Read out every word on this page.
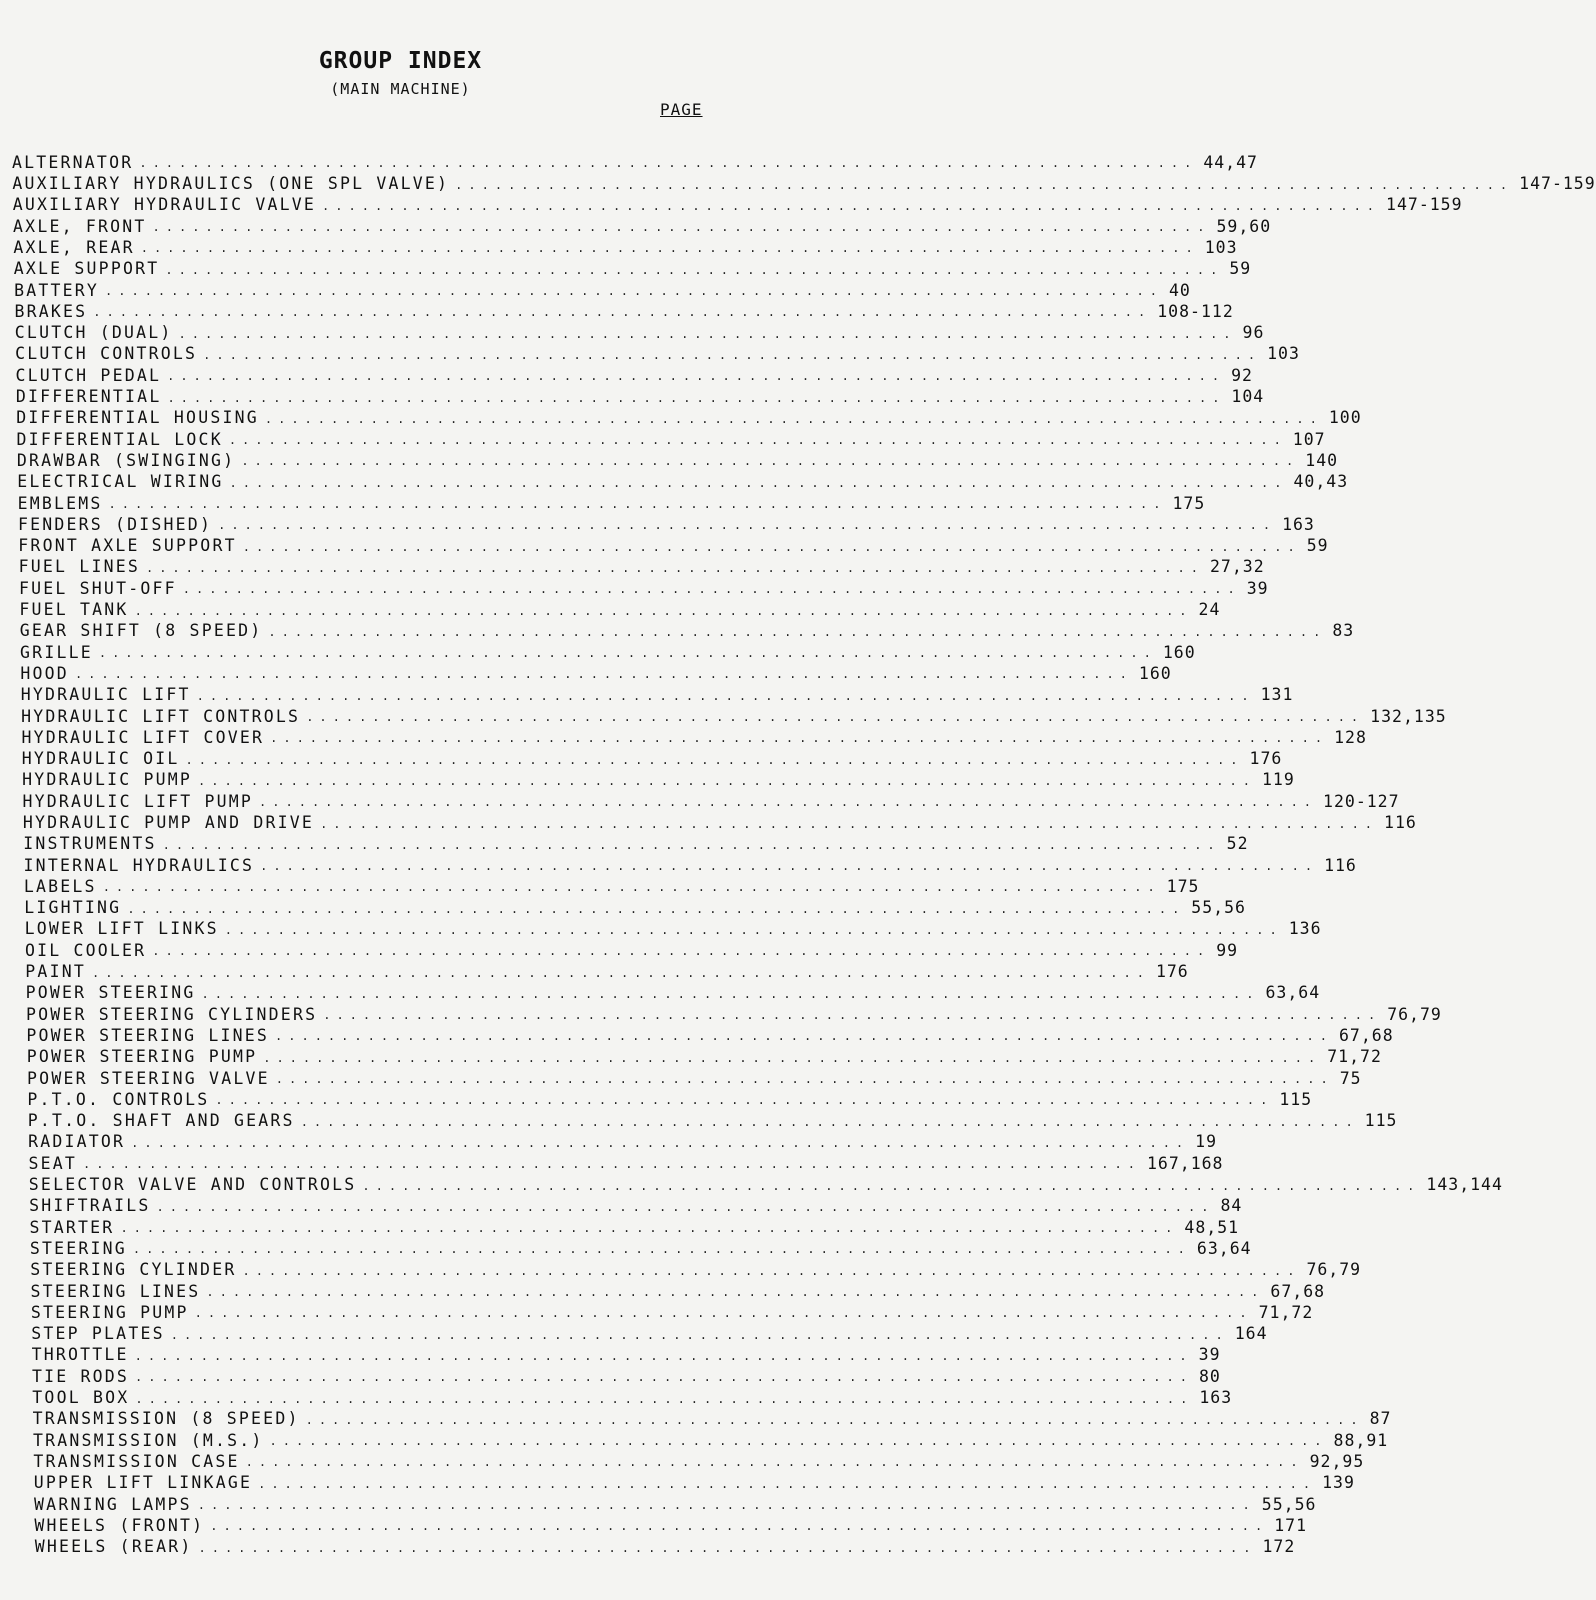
GROUP INDEX
(MAIN MACHINE)
PAGE
ALTERNATOR ................................................................................ 44,47
AUXILIARY HYDRAULICS (ONE SPL VALVE) ................................................................................ 147-159
AUXILIARY HYDRAULIC VALVE ................................................................................ 147-159
AXLE, FRONT ................................................................................ 59,60
AXLE, REAR ................................................................................ 103
AXLE SUPPORT ................................................................................ 59
BATTERY ................................................................................ 40
BRAKES ................................................................................ 108-112
CLUTCH (DUAL) ................................................................................ 96
CLUTCH CONTROLS ................................................................................ 103
CLUTCH PEDAL ................................................................................ 92
DIFFERENTIAL ................................................................................ 104
DIFFERENTIAL HOUSING ................................................................................ 100
DIFFERENTIAL LOCK ................................................................................ 107
DRAWBAR (SWINGING) ................................................................................ 140
ELECTRICAL WIRING ................................................................................ 40,43
EMBLEMS ................................................................................ 175
FENDERS (DISHED) ................................................................................ 163
FRONT AXLE SUPPORT ................................................................................ 59
FUEL LINES ................................................................................ 27,32
FUEL SHUT-OFF ................................................................................ 39
FUEL TANK ................................................................................ 24
GEAR SHIFT (8 SPEED) ................................................................................ 83
GRILLE ................................................................................ 160
HOOD ................................................................................ 160
HYDRAULIC LIFT ................................................................................ 131
HYDRAULIC LIFT CONTROLS ................................................................................ 132,135
HYDRAULIC LIFT COVER ................................................................................ 128
HYDRAULIC OIL ................................................................................ 176
HYDRAULIC PUMP ................................................................................ 119
HYDRAULIC LIFT PUMP ................................................................................ 120-127
HYDRAULIC PUMP AND DRIVE ................................................................................ 116
INSTRUMENTS ................................................................................ 52
INTERNAL HYDRAULICS ................................................................................ 116
LABELS ................................................................................ 175
LIGHTING ................................................................................ 55,56
LOWER LIFT LINKS ................................................................................ 136
OIL COOLER ................................................................................ 99
PAINT ................................................................................ 176
POWER STEERING ................................................................................ 63,64
POWER STEERING CYLINDERS ................................................................................ 76,79
POWER STEERING LINES ................................................................................ 67,68
POWER STEERING PUMP ................................................................................ 71,72
POWER STEERING VALVE ................................................................................ 75
P.T.O. CONTROLS ................................................................................ 115
P.T.O. SHAFT AND GEARS ................................................................................ 115
RADIATOR ................................................................................ 19
SEAT ................................................................................ 167,168
SELECTOR VALVE AND CONTROLS ................................................................................ 143,144
SHIFTRAILS ................................................................................ 84
STARTER ................................................................................ 48,51
STEERING ................................................................................ 63,64
STEERING CYLINDER ................................................................................ 76,79
STEERING LINES ................................................................................ 67,68
STEERING PUMP ................................................................................ 71,72
STEP PLATES ................................................................................ 164
THROTTLE ................................................................................ 39
TIE RODS ................................................................................ 80
TOOL BOX ................................................................................ 163
TRANSMISSION (8 SPEED) ................................................................................ 87
TRANSMISSION (M.S.) ................................................................................ 88,91
TRANSMISSION CASE ................................................................................ 92,95
UPPER LIFT LINKAGE ................................................................................ 139
WARNING LAMPS ................................................................................ 55,56
WHEELS (FRONT) ................................................................................ 171
WHEELS (REAR) ................................................................................ 172
